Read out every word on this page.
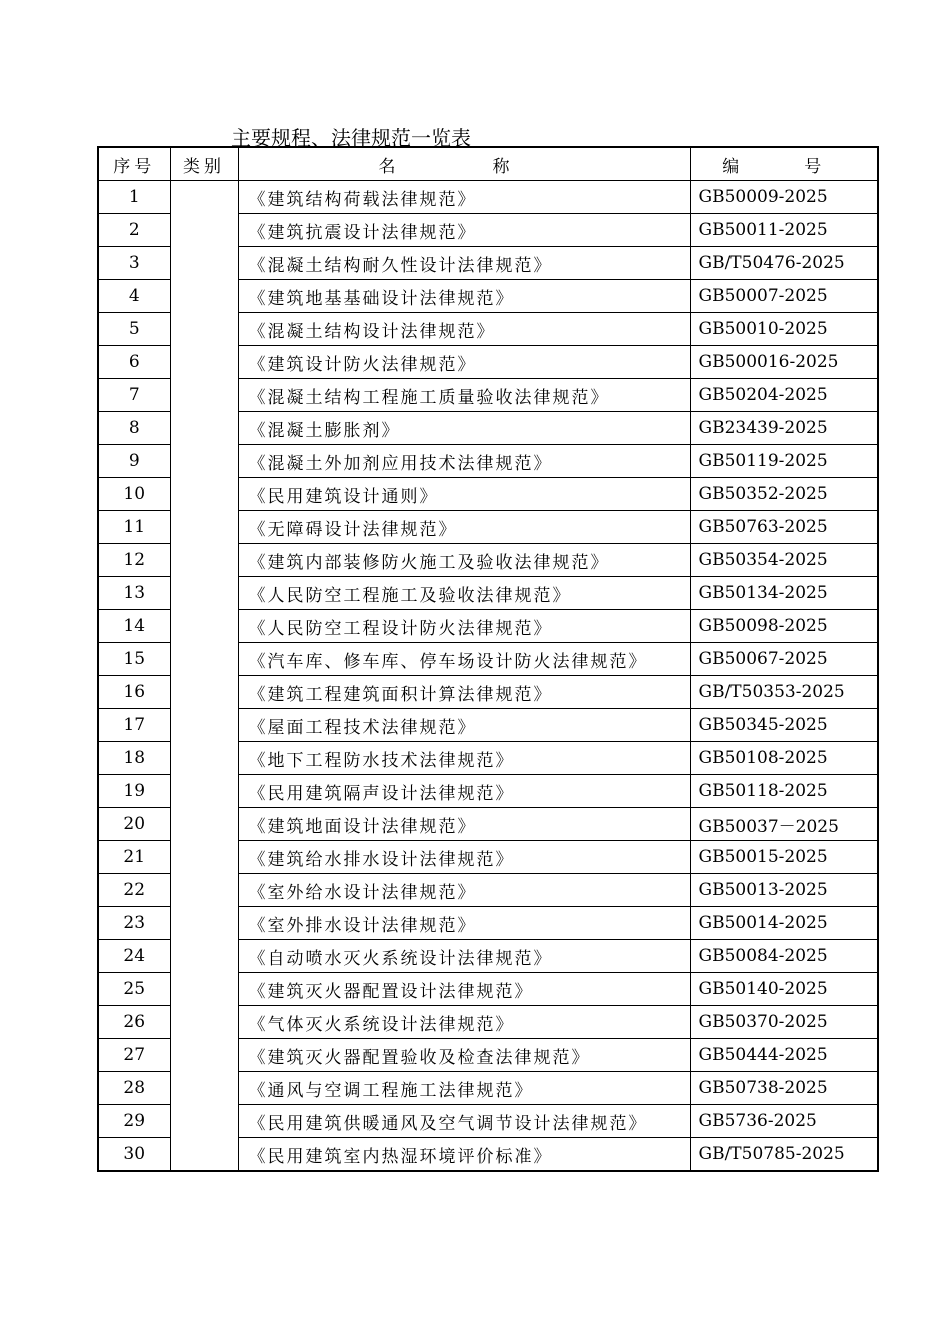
主要规程、法律规范一览表
序号	类别	名　称	编　号
1		《建筑结构荷载法律规范》	GB50009-2025
2		《建筑抗震设计法律规范》	GB50011-2025
3		《混凝土结构耐久性设计法律规范》	GB/T50476-2025
4		《建筑地基基础设计法律规范》	GB50007-2025
5		《混凝土结构设计法律规范》	GB50010-2025
6		《建筑设计防火法律规范》	GB500016-2025
7		《混凝土结构工程施工质量验收法律规范》	GB50204-2025
8		《混凝土膨胀剂》	GB23439-2025
9		《混凝土外加剂应用技术法律规范》	GB50119-2025
10		《民用建筑设计通则》	GB50352-2025
11		《无障碍设计法律规范》	GB50763-2025
12		《建筑内部装修防火施工及验收法律规范》	GB50354-2025
13		《人民防空工程施工及验收法律规范》	GB50134-2025
14		《人民防空工程设计防火法律规范》	GB50098-2025
15		《汽车库、修车库、停车场设计防火法律规范》	GB50067-2025
16		《建筑工程建筑面积计算法律规范》	GB/T50353-2025
17		《屋面工程技术法律规范》	GB50345-2025
18		《地下工程防水技术法律规范》	GB50108-2025
19		《民用建筑隔声设计法律规范》	GB50118-2025
20		《建筑地面设计法律规范》	GB50037－2025
21		《建筑给水排水设计法律规范》	GB50015-2025
22		《室外给水设计法律规范》	GB50013-2025
23		《室外排水设计法律规范》	GB50014-2025
24		《自动喷水灭火系统设计法律规范》	GB50084-2025
25		《建筑灭火器配置设计法律规范》	GB50140-2025
26		《气体灭火系统设计法律规范》	GB50370-2025
27		《建筑灭火器配置验收及检查法律规范》	GB50444-2025
28		《通风与空调工程施工法律规范》	GB50738-2025
29		《民用建筑供暖通风及空气调节设计法律规范》	GB5736-2025
30		《民用建筑室内热湿环境评价标准》	GB/T50785-2025
